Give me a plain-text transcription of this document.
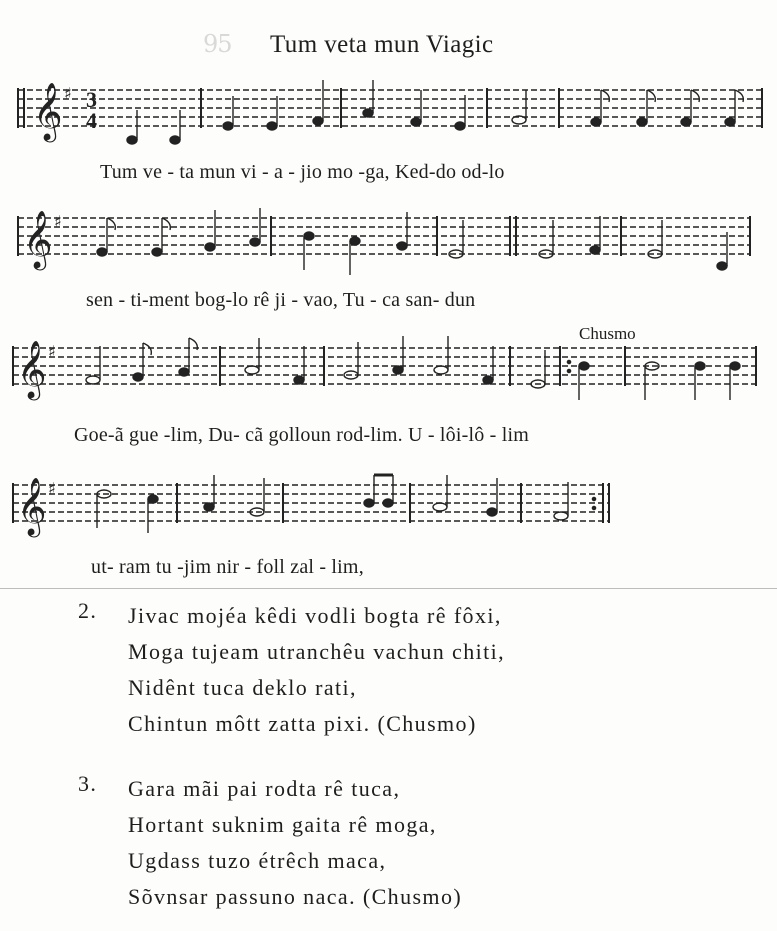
95 Tum veta mun Viagic
𝄞 ♯ 3
4
Tum ve - ta mun vi - a - jio mo -ga, Ked-do od-lo
𝄞 ♯
sen - ti-ment bog-lo rê ji - vao, Tu - ca san- dun
Chusmo
𝄞 ♯
Goe-ã gue -lim, Du- cã golloun rod-lim. U - lôi-lô - lim
𝄞 ♯
ut- ram tu -jim nir - foll zal - lim,
2. Jivac mojéa kêdi vodli bogta rê fôxi,
Moga tujeam utranchêu vachun chiti,
Nidênt tuca deklo rati,
Chintun môtt zatta pixi. (Chusmo)
3. Gara mãi pai rodta rê tuca,
Hortant suknim gaita rê moga,
Ugdass tuzo étrêch maca,
Sõvnsar passuno naca. (Chusmo)
